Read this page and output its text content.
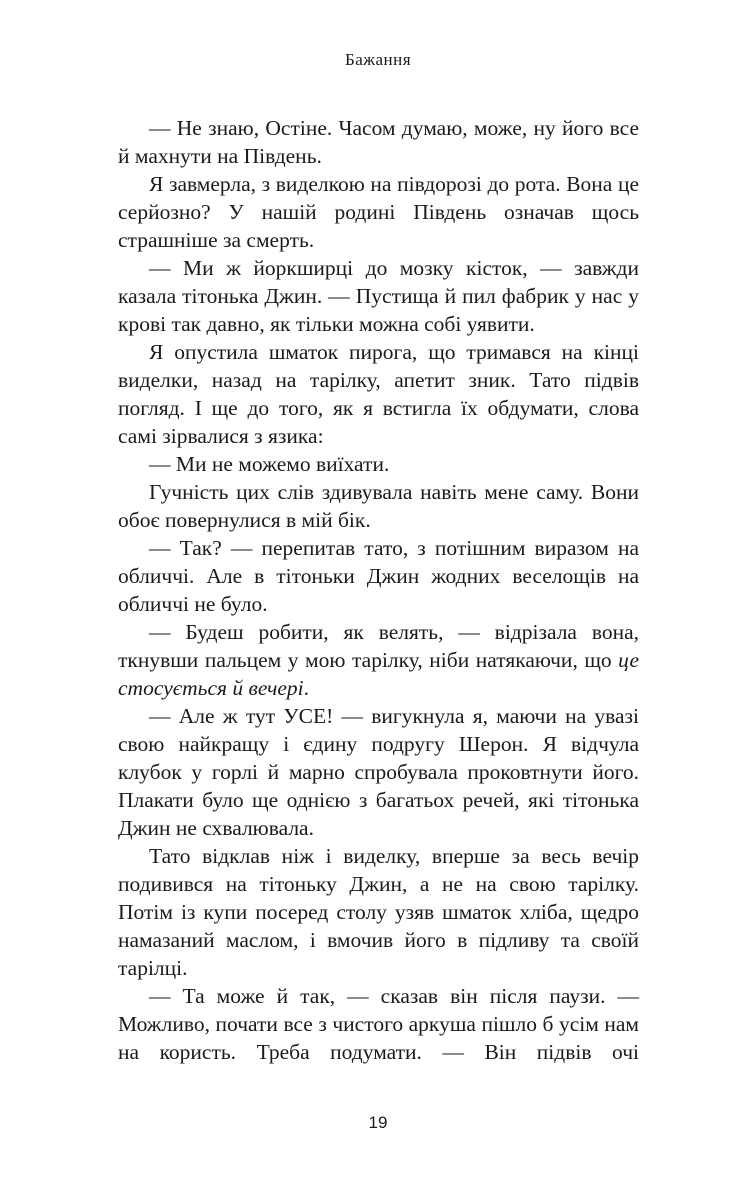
Бажання

— Не знаю, Остіне. Часом думаю, може, ну його все й махнути на Південь.

Я завмерла, з виделкою на півдорозі до рота. Вона це серйозно? У нашій родині Південь означав щось страшніше за смерть.

— Ми ж йоркширці до мозку кісток, — завжди казала тітонька Джин. — Пустища й пил фабрик у нас у крові так давно, як тільки можна собі уявити.

Я опустила шматок пирога, що тримався на кінці виделки, назад на тарілку, апетит зник. Тато підвів погляд. І ще до того, як я встигла їх обдумати, слова самі зірвалися з язика:

— Ми не можемо виїхати.

Гучність цих слів здивувала навіть мене саму. Вони обоє повернулися в мій бік.

— Так? — перепитав тато, з потішним виразом на обличчі. Але в тітоньки Джин жодних веселощів на обличчі не було.

— Будеш робити, як велять, — відрізала вона, ткнувши пальцем у мою тарілку, ніби натякаючи, що це стосується й вечері.

— Але ж тут УСЕ! — вигукнула я, маючи на увазі свою найкращу і єдину подругу Шерон. Я відчула клубок у горлі й марно спробувала проковтнути його. Плакати було ще однією з багатьох речей, які тітонька Джин не схвалювала.

Тато відклав ніж і виделку, вперше за весь вечір подивився на тітоньку Джин, а не на свою тарілку. Потім із купи посеред столу узяв шматок хліба, щедро намазаний маслом, і вмочив його в підливу та своїй тарілці.

— Та може й так, — сказав він після паузи. — Можливо, почати все з чистого аркуша пішло б усім нам на користь. Треба подумати. — Він підвів очі

19
